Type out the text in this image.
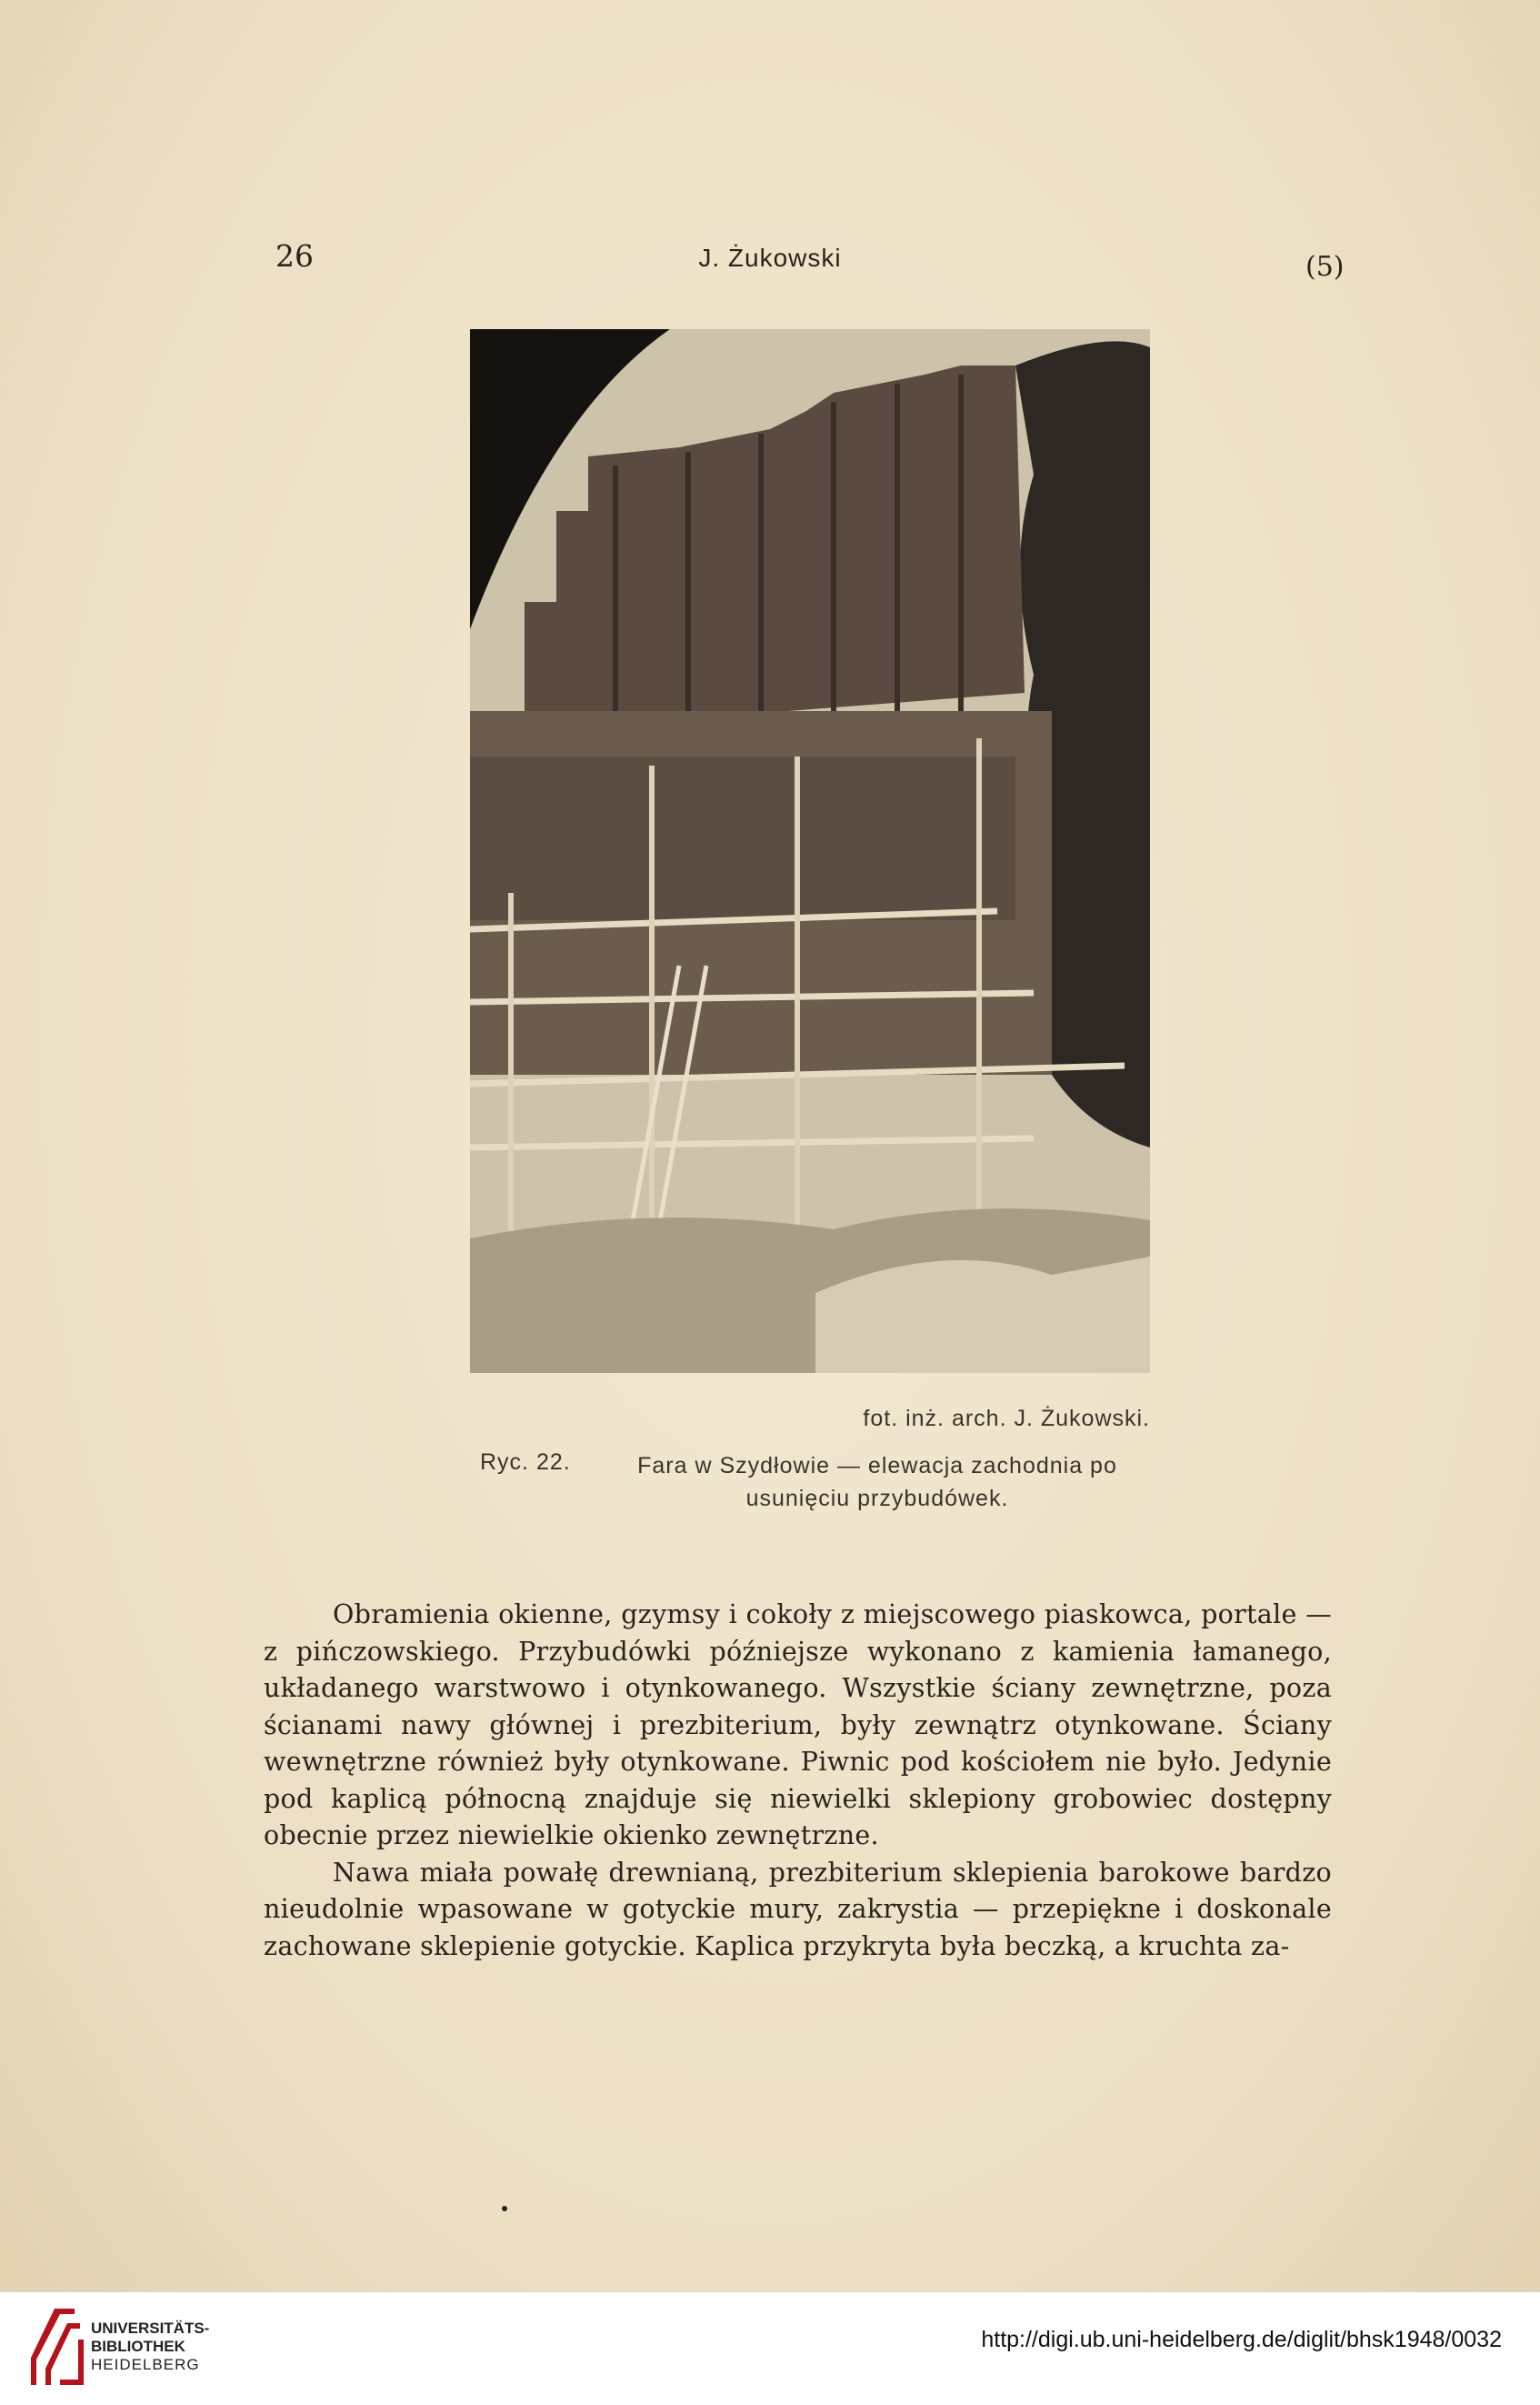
26	J. Żukowski	(5)
fot. inż. arch. J. Żukowski.
Ryc. 22.	Fara w Szydłowie — elewacja zachodnia po
usunięciu przybudówek.

Obramienia okienne, gzymsy i cokoły z miejscowego piaskowca, portale — z pińczowskiego. Przybudówki późniejsze wykonano z kamienia łamanego, układanego warstwowo i otynkowanego. Wszystkie ściany zewnętrzne, poza ścianami nawy głównej i prezbiterium, były zewnątrz otynkowane. Ściany wewnętrzne również były otynkowane. Piwnic pod kościołem nie było. Jedynie pod kaplicą północną znajduje się niewielki sklepiony grobowiec dostępny obecnie przez niewielkie okienko zewnętrzne.

Nawa miała powałę drewnianą, prezbiterium sklepienia barokowe bardzo nieudolnie wpasowane w gotyckie mury, zakrystia — przepiękne i doskonale zachowane sklepienie gotyckie. Kaplica przykryta była beczką, a kruchta za-

UNIVERSITÄTS-
BIBLIOTHEK
HEIDELBERG
http://digi.ub.uni-heidelberg.de/diglit/bhsk1948/0032
